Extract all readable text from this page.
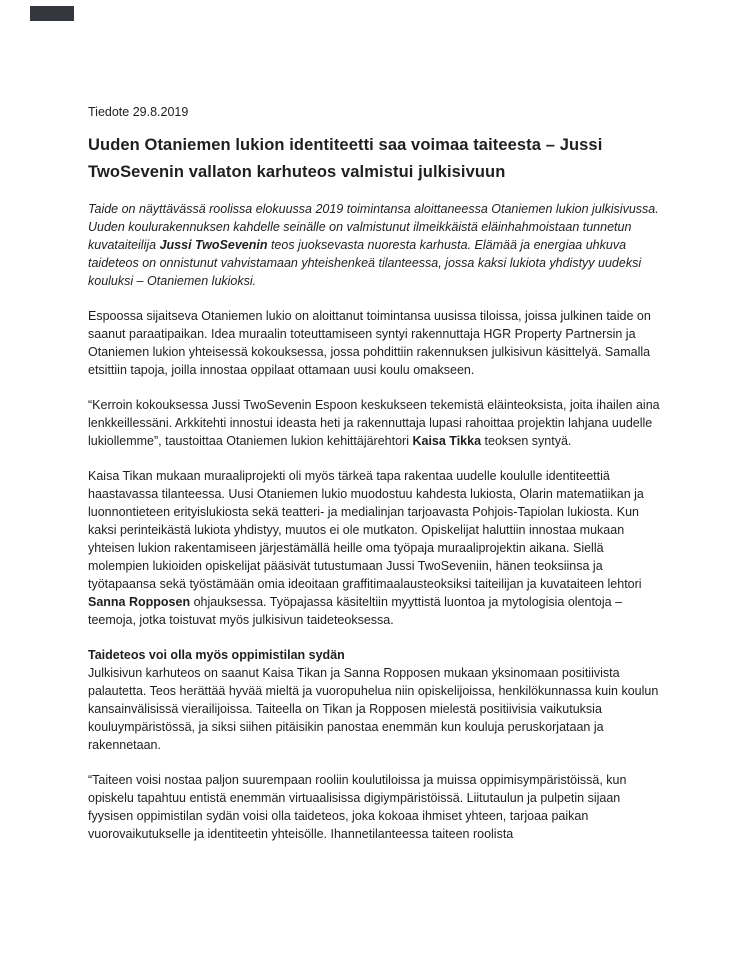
Tiedote 29.8.2019

Uuden Otaniemen lukion identiteetti saa voimaa taiteesta – Jussi TwoSevenin vallaton karhuteos valmistui julkisivuun

Taide on näyttävässä roolissa elokuussa 2019 toimintansa aloittaneessa Otaniemen lukion julkisivussa. Uuden koulurakennuksen kahdelle seinälle on valmistunut ilmeikkäistä eläinhahmoistaan tunnetun kuvataiteilija Jussi TwoSevenin teos juoksevasta nuoresta karhusta. Elämää ja energiaa uhkuva taideteos on onnistunut vahvistamaan yhteishenkeä tilanteessa, jossa kaksi lukiota yhdistyy uudeksi kouluksi – Otaniemen lukioksi.

Espoossa sijaitseva Otaniemen lukio on aloittanut toimintansa uusissa tiloissa, joissa julkinen taide on saanut paraatipaikan. Idea muraalin toteuttamiseen syntyi rakennuttaja HGR Property Partnersin ja Otaniemen lukion yhteisessä kokouksessa, jossa pohdittiin rakennuksen julkisivun käsittelyä. Samalla etsittiin tapoja, joilla innostaa oppilaat ottamaan uusi koulu omakseen.

“Kerroin kokouksessa Jussi TwoSevenin Espoon keskukseen tekemistä eläinteoksista, joita ihailen aina lenkkeillessäni. Arkkitehti innostui ideasta heti ja rakennuttaja lupasi rahoittaa projektin lahjana uudelle lukiollemme”, taustoittaa Otaniemen lukion kehittäjärehtori Kaisa Tikka teoksen syntyä.

Kaisa Tikan mukaan muraaliprojekti oli myös tärkeä tapa rakentaa uudelle koululle identiteettiä haastavassa tilanteessa. Uusi Otaniemen lukio muodostuu kahdesta lukiosta, Olarin matematiikan ja luonnontieteen erityislukiosta sekä teatteri- ja medialinjan tarjoavasta Pohjois-Tapiolan lukiosta. Kun kaksi perinteikästä lukiota yhdistyy, muutos ei ole mutkaton. Opiskelijat haluttiin innostaa mukaan yhteisen lukion rakentamiseen järjestämällä heille oma työpaja muraaliprojektin aikana. Siellä molempien lukioiden opiskelijat pääsivät tutustumaan Jussi TwoSeveniin, hänen teoksiinsa ja työtapaansa sekä työstämään omia ideoitaan graffitimaalausteoksiksi taiteilijan ja kuvataiteen lehtori Sanna Ropposen ohjauksessa. Työpajassa käsiteltiin myyttistä luontoa ja mytologisia olentoja – teemoja, jotka toistuvat myös julkisivun taideteoksessa.

Taideteos voi olla myös oppimistilan sydän

Julkisivun karhuteos on saanut Kaisa Tikan ja Sanna Ropposen mukaan yksinomaan positiivista palautetta. Teos herättää hyvää mieltä ja vuoropuhelua niin opiskelijoissa, henkilökunnassa kuin koulun kansainvälisissä vierailijoissa. Taiteella on Tikan ja Ropposen mielestä positiivisia vaikutuksia kouluympäristössä, ja siksi siihen pitäisikin panostaa enemmän kun kouluja peruskorjataan ja rakennetaan.

“Taiteen voisi nostaa paljon suurempaan rooliin koulutiloissa ja muissa oppimisympäristöissä, kun opiskelu tapahtuu entistä enemmän virtuaalisissa digiympäristöissä. Liitutaulun ja pulpetin sijaan fyysisen oppimistilan sydän voisi olla taideteos, joka kokoaa ihmiset yhteen, tarjoaa paikan vuorovaikutukselle ja identiteetin yhteisölle. Ihannetilanteessa taiteen roolista
